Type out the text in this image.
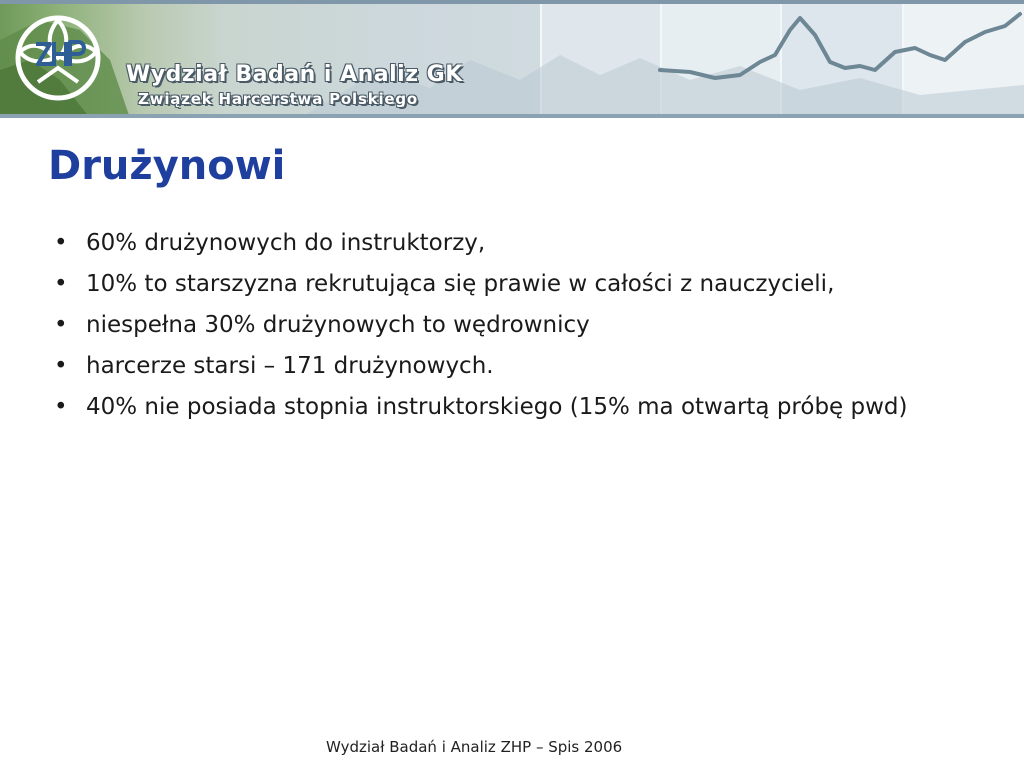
Wydział Badań i Analiz GK
Związek Harcerstwa Polskiego
Drużynowi
• 60% drużynowych do instruktorzy,
• 10% to starszyzna rekrutująca się prawie w całości z nauczycieli,
• niespełna 30% drużynowych to wędrownicy
• harcerze starsi – 171 drużynowych.
• 40% nie posiada stopnia instruktorskiego (15% ma otwartą próbę pwd)
Wydział Badań i Analiz ZHP – Spis 2006
